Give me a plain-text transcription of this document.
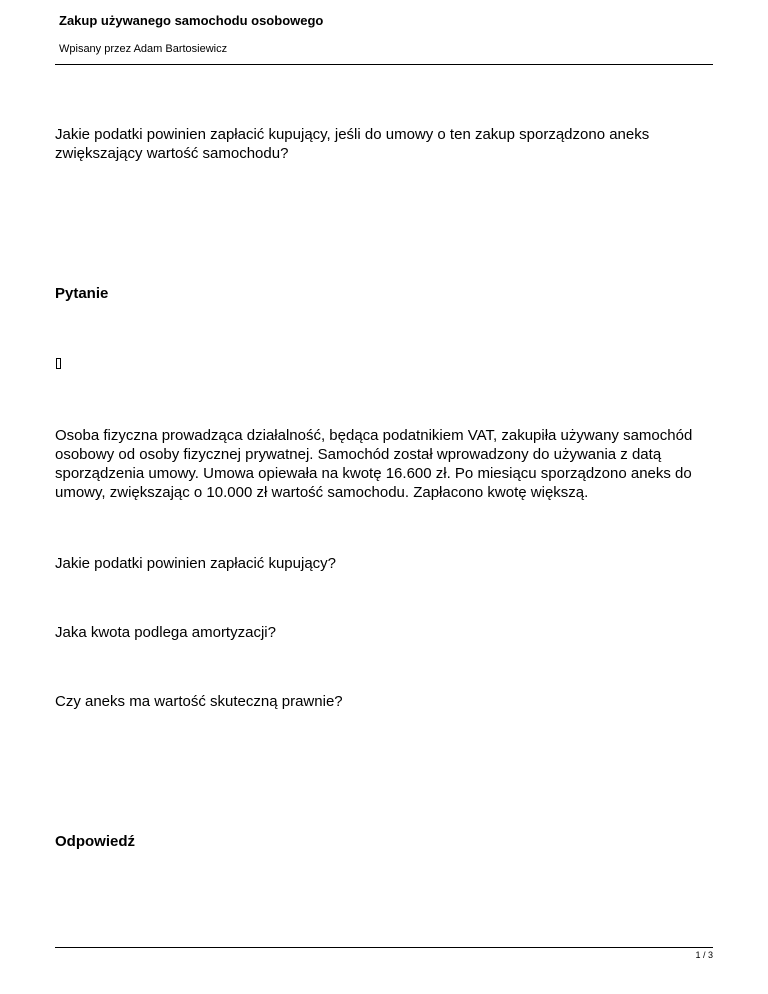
Zakup używanego samochodu osobowego
Wpisany przez Adam Bartosiewicz

Jakie podatki powinien zapłacić kupujący, jeśli do umowy o ten zakup sporządzono aneks zwiększający wartość samochodu?

Pytanie

Osoba fizyczna prowadząca działalność, będąca podatnikiem VAT, zakupiła używany samochód osobowy od osoby fizycznej prywatnej. Samochód został wprowadzony do używania z datą sporządzenia umowy. Umowa opiewała na kwotę 16.600 zł. Po miesiącu sporządzono aneks do umowy, zwiększając o 10.000 zł wartość samochodu. Zapłacono kwotę większą.

Jakie podatki powinien zapłacić kupujący?

Jaka kwota podlega amortyzacji?

Czy aneks ma wartość skuteczną prawnie?

Odpowiedź
1 / 3
